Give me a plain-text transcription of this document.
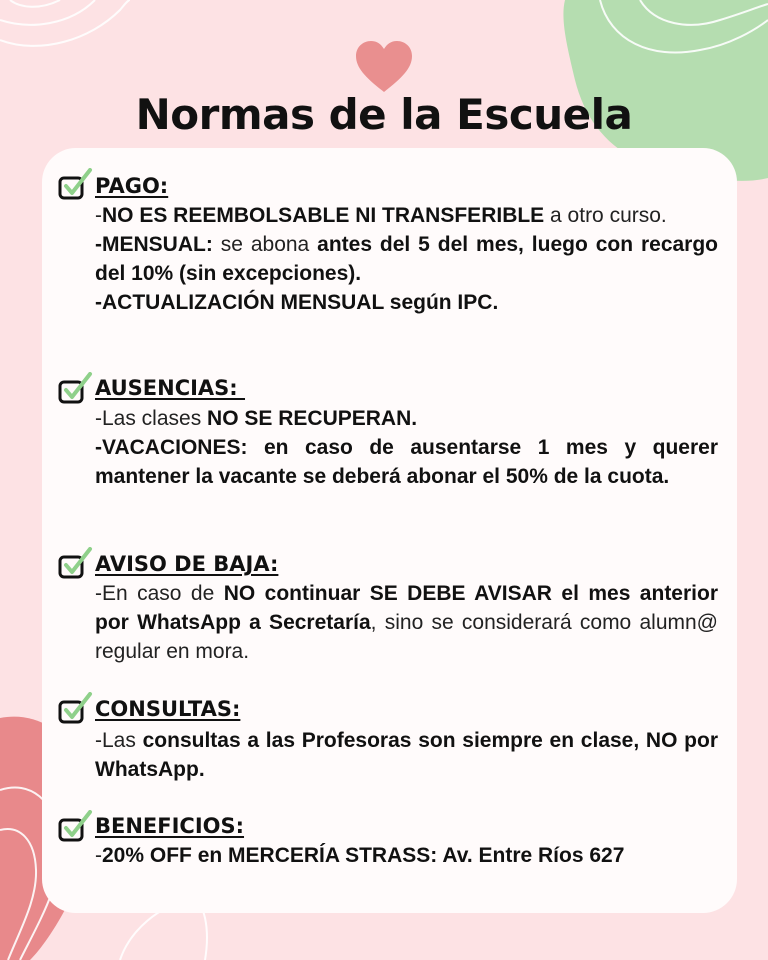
Normas de la Escuela
PAGO:

-NO ES REEMBOLSABLE NI TRANSFERIBLE a otro curso.

-MENSUAL: se abona antes del 5 del mes, luego con recargo del 10% (sin excepciones).

-ACTUALIZACIÓN MENSUAL según IPC.

AUSENCIAS:

-Las clases NO SE RECUPERAN.

-VACACIONES: en caso de ausentarse 1 mes y querer mantener la vacante se deberá abonar el 50% de la cuota.

AVISO DE BAJA:

-En caso de NO continuar SE DEBE AVISAR el mes anterior por WhatsApp a Secretaría, sino se considerará como alumn@ regular en mora.

CONSULTAS:

-Las consultas a las Profesoras son siempre en clase, NO por WhatsApp.

BENEFICIOS:

-20% OFF en MERCERÍA STRASS: Av. Entre Ríos 627
